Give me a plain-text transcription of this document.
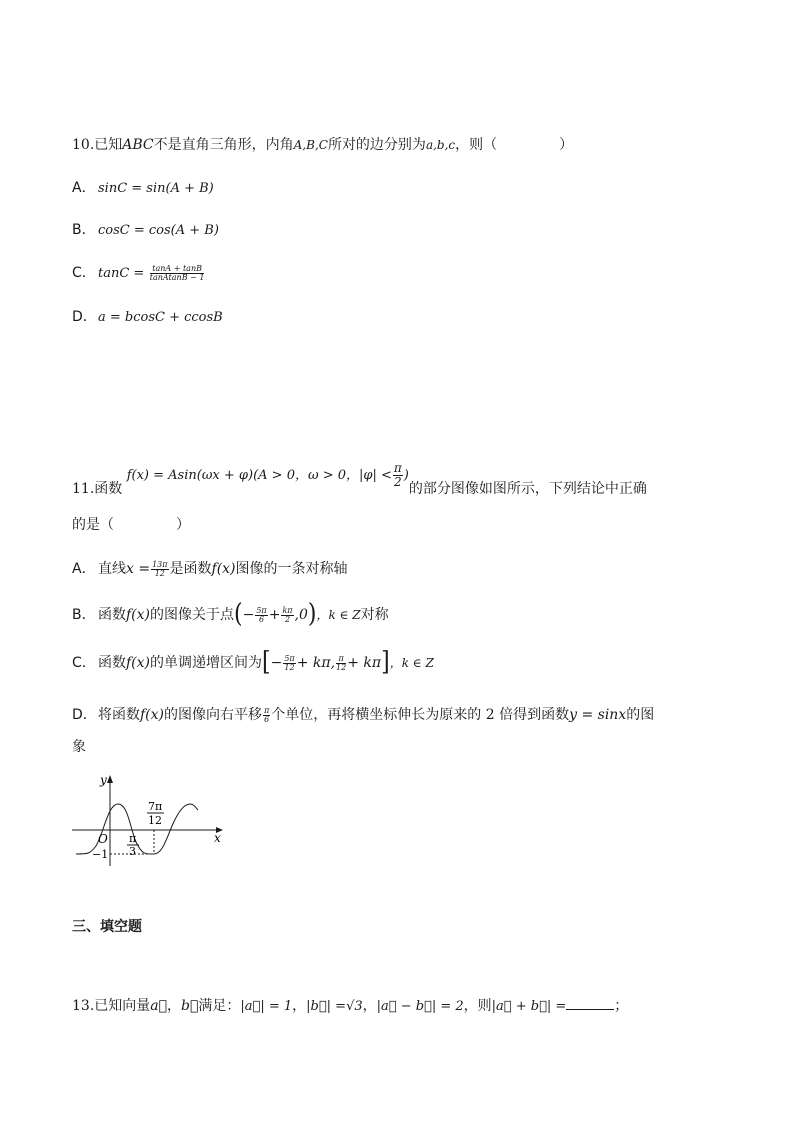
10.已知ABC不是直角三角形，内角A,B,C所对的边分别为a,b,c，则（	）
A． sinC = sin(A + B)
B． cosC = cos(A + B)
C． $\tan C = \frac{\tan A + \tan B}{\text{tanAtanB − 1}}$
D．a = bcosC + ccosB
11.函数 f(x) = Asin(ωx + φ)(A > 0，ω > 0，$|\varphi| < \frac{\pi}{2}$ )的部分图像如图所示，下列结论中正确
的是（	）
A． 直线$x = \frac{13\pi}{12}$ 是函数f(x)图像的一条对称轴
B． 函数f(x)的图像关于点(− $\frac{5\pi}{6} + \frac{k\pi}{2} ,0$)，k ∈ Z对称
C． 函数f(x)的单调递增区间为[− $\frac{5\pi}{12} + k\pi$, $\frac{\pi}{12} + k\pi$]，k ∈ Z
D．将函数f(x)的图像向右平移 $\frac{\pi}{6}$ 个单位，再将横坐标伸长为原来的 2 倍得到函数y = sinx的图
象
y
x
O
−1
π
3
7π
12
三、填空题
13.已知向量a⃗，b⃗满足：|a⃗| = 1，|b⃗| =√3，|a⃗ − b⃗| = 2，则|a⃗ + b⃗| =	；
